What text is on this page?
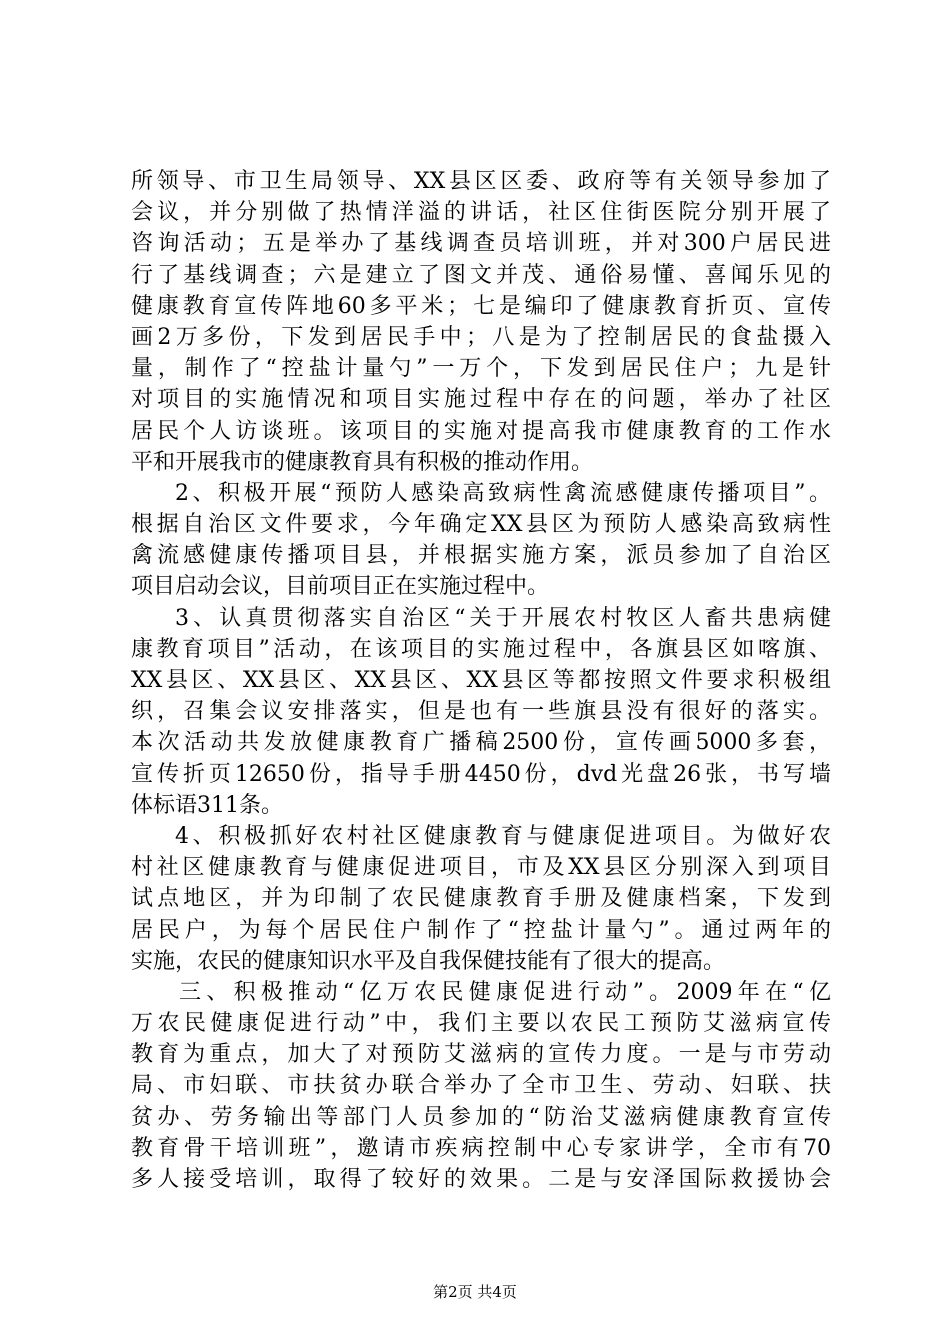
所领导、市卫生局领导、XX县区区委、政府等有关领导参加了
会议，并分别做了热情洋溢的讲话，社区住街医院分别开展了
咨询活动；五是举办了基线调查员培训班，并对300户居民进
行了基线调查；六是建立了图文并茂、通俗易懂、喜闻乐见的
健康教育宣传阵地60多平米；七是编印了健康教育折页、宣传
画2万多份，下发到居民手中；八是为了控制居民的食盐摄入
量，制作了“控盐计量勺”一万个，下发到居民住户；九是针
对项目的实施情况和项目实施过程中存在的问题，举办了社区
居民个人访谈班。该项目的实施对提高我市健康教育的工作水
平和开展我市的健康教育具有积极的推动作用。
2、积极开展“预防人感染高致病性禽流感健康传播项目”。
根据自治区文件要求，今年确定XX县区为预防人感染高致病性
禽流感健康传播项目县，并根据实施方案，派员参加了自治区
项目启动会议，目前项目正在实施过程中。
3、认真贯彻落实自治区“关于开展农村牧区人畜共患病健
康教育项目”活动，在该项目的实施过程中，各旗县区如喀旗、
XX县区、XX县区、XX县区、XX县区等都按照文件要求积极组
织，召集会议安排落实，但是也有一些旗县没有很好的落实。
本次活动共发放健康教育广播稿2500份，宣传画5000多套，
宣传折页12650份，指导手册4450份，dvd光盘26张，书写墙
体标语311条。
4、积极抓好农村社区健康教育与健康促进项目。为做好农
村社区健康教育与健康促进项目，市及XX县区分别深入到项目
试点地区，并为印制了农民健康教育手册及健康档案，下发到
居民户，为每个居民住户制作了“控盐计量勺”。通过两年的
实施，农民的健康知识水平及自我保健技能有了很大的提高。
三、积极推动“亿万农民健康促进行动”。2009年在“亿
万农民健康促进行动”中，我们主要以农民工预防艾滋病宣传
教育为重点，加大了对预防艾滋病的宣传力度。一是与市劳动
局、市妇联、市扶贫办联合举办了全市卫生、劳动、妇联、扶
贫办、劳务输出等部门人员参加的“防治艾滋病健康教育宣传
教育骨干培训班”，邀请市疾病控制中心专家讲学，全市有70
多人接受培训，取得了较好的效果。二是与安泽国际救援协会
第2页 共4页
